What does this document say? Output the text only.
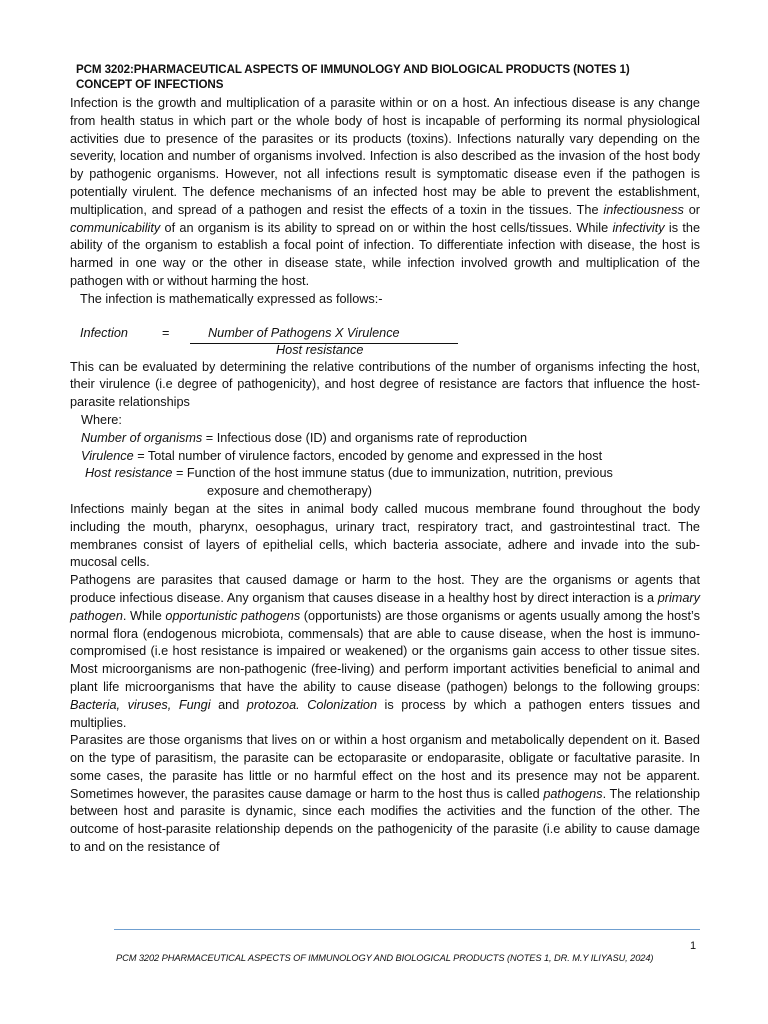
PCM 3202:PHARMACEUTICAL ASPECTS OF IMMUNOLOGY AND BIOLOGICAL PRODUCTS (NOTES 1)
CONCEPT OF INFECTIONS

Infection is the growth and multiplication of a parasite within or on a host. An infectious disease is any change from health status in which part or the whole body of host is incapable of performing its normal physiological activities due to presence of the parasites or its products (toxins). Infections naturally vary depending on the severity, location and number of organisms involved. Infection is also described as the invasion of the host body by pathogenic organisms. However, not all infections result is symptomatic disease even if the pathogen is potentially virulent. The defence mechanisms of an infected host may be able to prevent the establishment, multiplication, and spread of a pathogen and resist the effects of a toxin in the tissues. The infectiousness or communicability of an organism is its ability to spread on or within the host cells/tissues. While infectivity is the ability of the organism to establish a focal point of infection. To differentiate infection with disease, the host is harmed in one way or the other in disease state, while infection involved growth and multiplication of the pathogen with or without harming the host.

The infection is mathematically expressed as follows:-

Infection	=	Number of Pathogens X Virulence
Host resistance

This can be evaluated by determining the relative contributions of the number of organisms infecting the host, their virulence (i.e degree of pathogenicity), and host degree of resistance are factors that influence the host-parasite relationships

Where:

Number of organisms = Infectious dose (ID) and organisms rate of reproduction

Virulence = Total number of virulence factors, encoded by genome and expressed in the host

Host resistance = Function of the host immune status (due to immunization, nutrition, previous

exposure and chemotherapy)

Infections mainly began at the sites in animal body called mucous membrane found throughout the body including the mouth, pharynx, oesophagus, urinary tract, respiratory tract, and gastrointestinal tract. The membranes consist of layers of epithelial cells, which bacteria associate, adhere and invade into the sub- mucosal cells.

Pathogens are parasites that caused damage or harm to the host. They are the organisms or agents that produce infectious disease. Any organism that causes disease in a healthy host by direct interaction is a primary pathogen. While opportunistic pathogens (opportunists) are those organisms or agents usually among the host’s normal flora (endogenous microbiota, commensals) that are able to cause disease, when the host is immuno-compromised (i.e host resistance is impaired or weakened) or the organisms gain access to other tissue sites. Most microorganisms are non-pathogenic (free-living) and perform important activities beneficial to animal and plant life microorganisms that have the ability to cause disease (pathogen) belongs to the following groups: Bacteria, viruses, Fungi and protozoa. Colonization is process by which a pathogen enters tissues and multiplies.

Parasites are those organisms that lives on or within a host organism and metabolically dependent on it. Based on the type of parasitism, the parasite can be ectoparasite or endoparasite, obligate or facultative parasite. In some cases, the parasite has little or no harmful effect on the host and its presence may not be apparent. Sometimes however, the parasites cause damage or harm to the host thus is called pathogens. The relationship between host and parasite is dynamic, since each modifies the activities and the function of the other. The outcome of host-parasite relationship depends on the pathogenicity of the parasite (i.e ability to cause damage to and on the resistance of

1
PCM 3202 PHARMACEUTICAL ASPECTS OF IMMUNOLOGY AND BIOLOGICAL PRODUCTS (NOTES 1, DR. M.Y ILIYASU, 2024)
